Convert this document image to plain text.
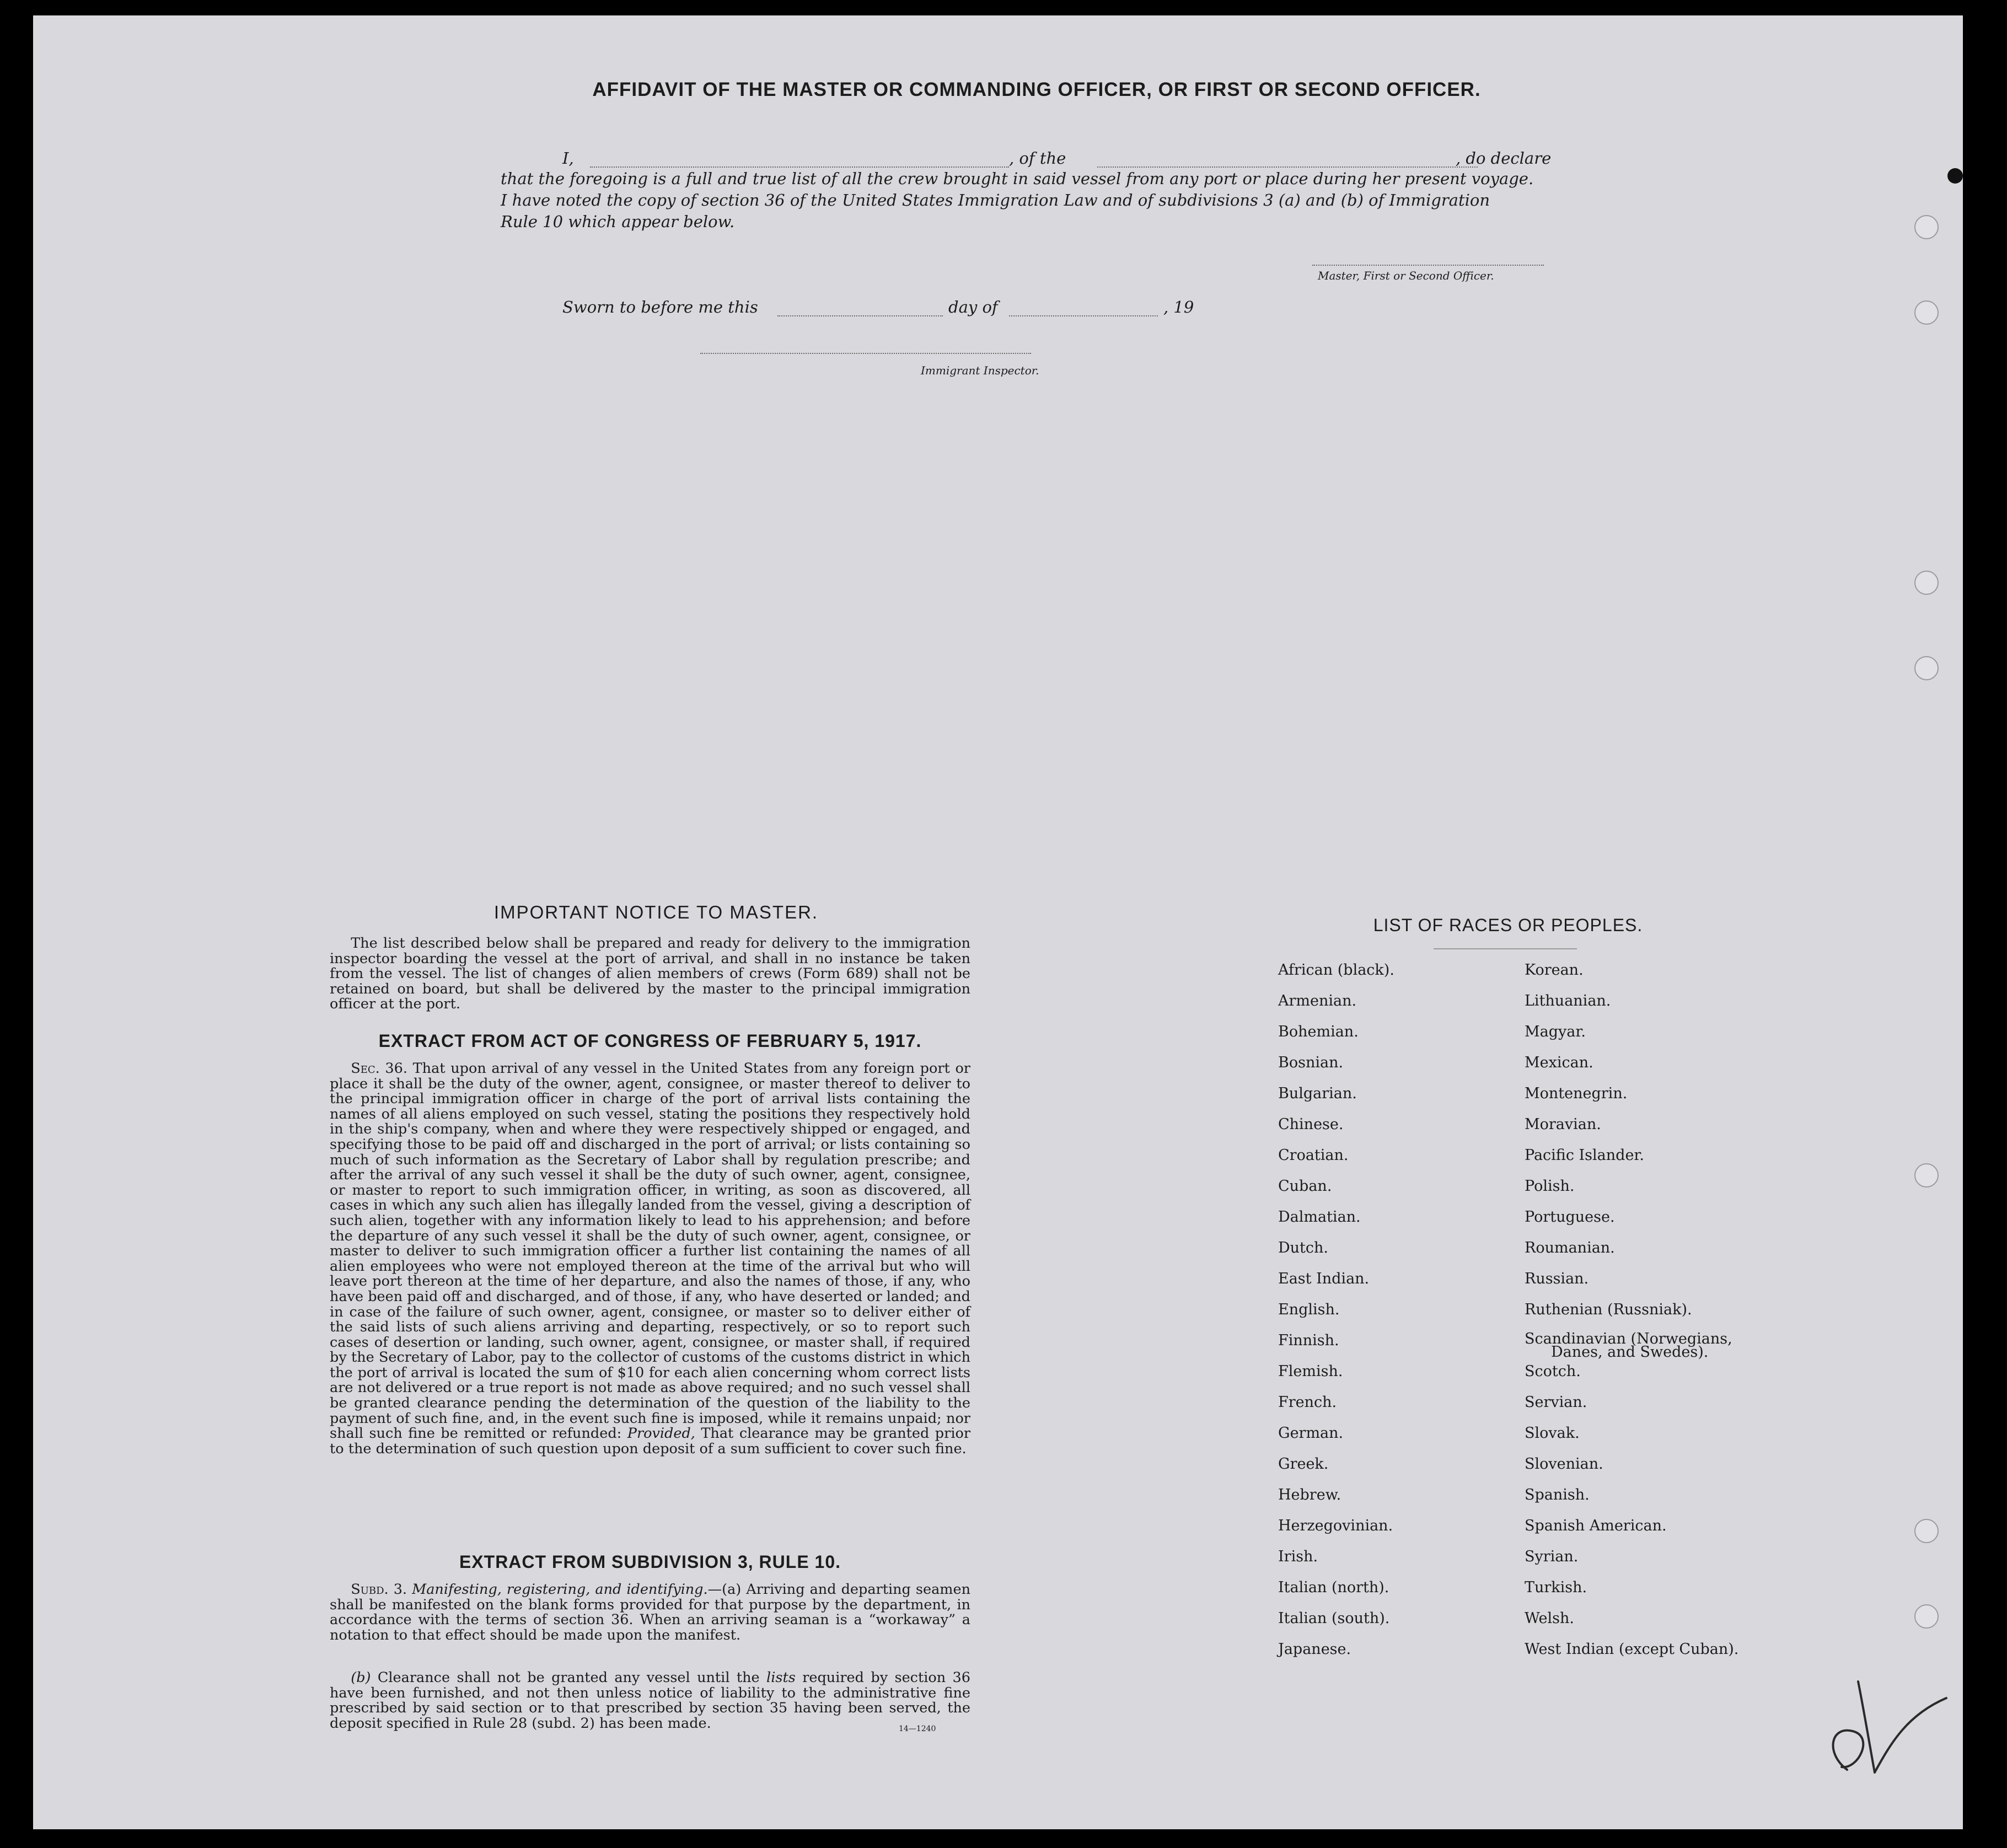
AFFIDAVIT OF THE MASTER OR COMMANDING OFFICER, OR FIRST OR SECOND OFFICER.
I,	, of the	, do declare
that the foregoing is a full and true list of all the crew brought in said vessel from any port or place during her present voyage.
I have noted the copy of section 36 of the United States Immigration Law and of subdivisions 3 (a) and (b) of Immigration
Rule 10 which appear below.
Master, First or Second Officer.
Sworn to before me this	day of	, 19
Immigrant Inspector.
IMPORTANT NOTICE TO MASTER.
The list described below shall be prepared and ready for delivery to the immigration inspector boarding the vessel at the port of arrival, and shall in no instance be taken from the vessel. The list of changes of alien members of crews (Form 689) shall not be retained on board, but shall be delivered by the master to the principal immigration officer at the port.
EXTRACT FROM ACT OF CONGRESS OF FEBRUARY 5, 1917.
Sec. 36. That upon arrival of any vessel in the United States from any foreign port or place it shall be the duty of the owner, agent, consignee, or master thereof to deliver to the principal immigration officer in charge of the port of arrival lists containing the names of all aliens employed on such vessel, stating the positions they respectively hold in the ship's company, when and where they were respectively shipped or engaged, and specifying those to be paid off and discharged in the port of arrival; or lists containing so much of such information as the Secretary of Labor shall by regulation prescribe; and after the arrival of any such vessel it shall be the duty of such owner, agent, consignee, or master to report to such immigration officer, in writing, as soon as discovered, all cases in which any such alien has illegally landed from the vessel, giving a description of such alien, together with any information likely to lead to his apprehension; and before the departure of any such vessel it shall be the duty of such owner, agent, consignee, or master to deliver to such immigration officer a further list containing the names of all alien employees who were not employed thereon at the time of the arrival but who will leave port thereon at the time of her departure, and also the names of those, if any, who have been paid off and discharged, and of those, if any, who have deserted or landed; and in case of the failure of such owner, agent, consignee, or master so to deliver either of the said lists of such aliens arriving and departing, respectively, or so to report such cases of desertion or landing, such owner, agent, consignee, or master shall, if required by the Secretary of Labor, pay to the collector of customs of the customs district in which the port of arrival is located the sum of $10 for each alien concerning whom correct lists are not delivered or a true report is not made as above required; and no such vessel shall be granted clearance pending the determination of the question of the liability to the payment of such fine, and, in the event such fine is imposed, while it remains unpaid; nor shall such fine be remitted or refunded: Provided, That clearance may be granted prior to the determination of such question upon deposit of a sum sufficient to cover such fine.
EXTRACT FROM SUBDIVISION 3, RULE 10.
Subd. 3. Manifesting, registering, and identifying.—(a) Arriving and departing seamen shall be manifested on the blank forms provided for that purpose by the department, in accordance with the terms of section 36. When an arriving seaman is a “workaway” a notation to that effect should be made upon the manifest.
(b) Clearance shall not be granted any vessel until the lists required by section 36 have been furnished, and not then unless notice of liability to the administrative fine prescribed by said section or to that prescribed by section 35 having been served, the deposit specified in Rule 28 (subd. 2) has been made.	14—1240
LIST OF RACES OR PEOPLES.
African (black).
Armenian.
Bohemian.
Bosnian.
Bulgarian.
Chinese.
Croatian.
Cuban.
Dalmatian.
Dutch.
East Indian.
English.
Finnish.
Flemish.
French.
German.
Greek.
Hebrew.
Herzegovinian.
Irish.
Italian (north).
Italian (south).
Japanese.
Korean.
Lithuanian.
Magyar.
Mexican.
Montenegrin.
Moravian.
Pacific Islander.
Polish.
Portuguese.
Roumanian.
Russian.
Ruthenian (Russniak).
Scandinavian (Norwegians,
Danes, and Swedes).
Scotch.
Servian.
Slovak.
Slovenian.
Spanish.
Spanish American.
Syrian.
Turkish.
Welsh.
West Indian (except Cuban).
